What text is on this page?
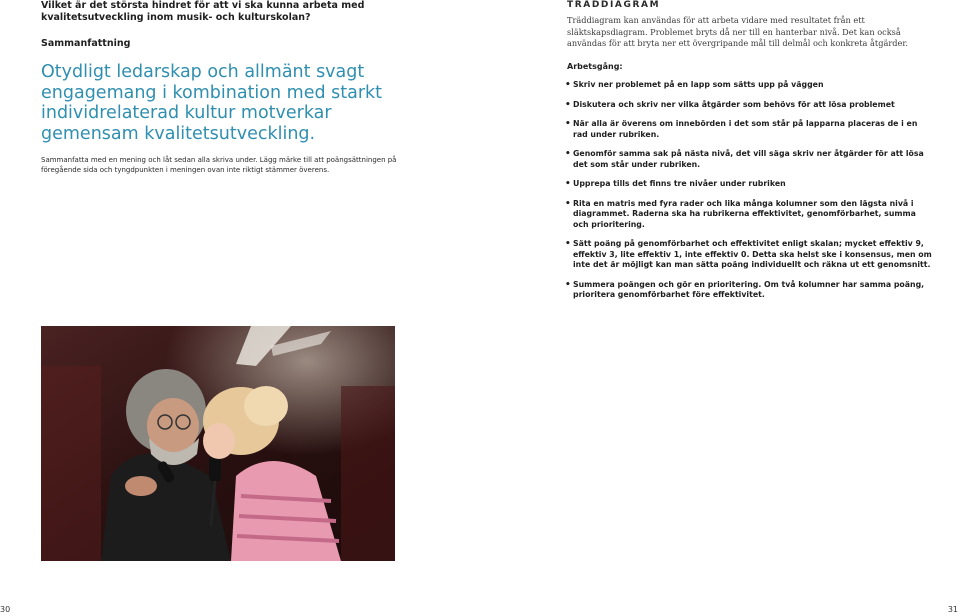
Vilket är det största hindret för att vi ska kunna arbeta med kvalitetsutveckling inom musik- och kulturskolan?
Sammanfattning
Otydligt ledarskap och allmänt svagt engagemang i kombination med starkt individrelaterad kultur motverkar gemensam kvalitetsutveckling.
Sammanfatta med en mening och låt sedan alla skriva under. Lägg märke till att poängsättningen på föregående sida och tyngdpunkten i meningen ovan inte riktigt stämmer överens.
30
TRÄDDIAGRAM
Träddiagram kan användas för att arbeta vidare med resultatet från ett släktskapsdiagram. Problemet bryts då ner till en hanterbar nivå. Det kan också användas för att bryta ner ett övergripande mål till delmål och konkreta åtgärder.
Arbetsgång:
• Skriv ner problemet på en lapp som sätts upp på väggen
• Diskutera och skriv ner vilka åtgärder som behövs för att lösa problemet
• När alla är överens om innebörden i det som står på lapparna placeras de i en rad under rubriken.
• Genomför samma sak på nästa nivå, det vill säga skriv ner åtgärder för att lösa det som står under rubriken.
• Upprepa tills det finns tre nivåer under rubriken
• Rita en matris med fyra rader och lika många kolumner som den lägsta nivå i diagrammet. Raderna ska ha rubrikerna effektivitet, genomförbarhet, summa och prioritering.
• Sätt poäng på genomförbarhet och effektivitet enligt skalan; mycket effektiv 9, effektiv 3, lite effektiv 1, inte effektiv 0. Detta ska helst ske i konsensus, men om inte det är möjligt kan man sätta poäng individuellt och räkna ut ett genomsnitt.
• Summera poängen och gör en prioritering. Om två kolumner har samma poäng, prioritera genomförbarhet före effektivitet.
31
